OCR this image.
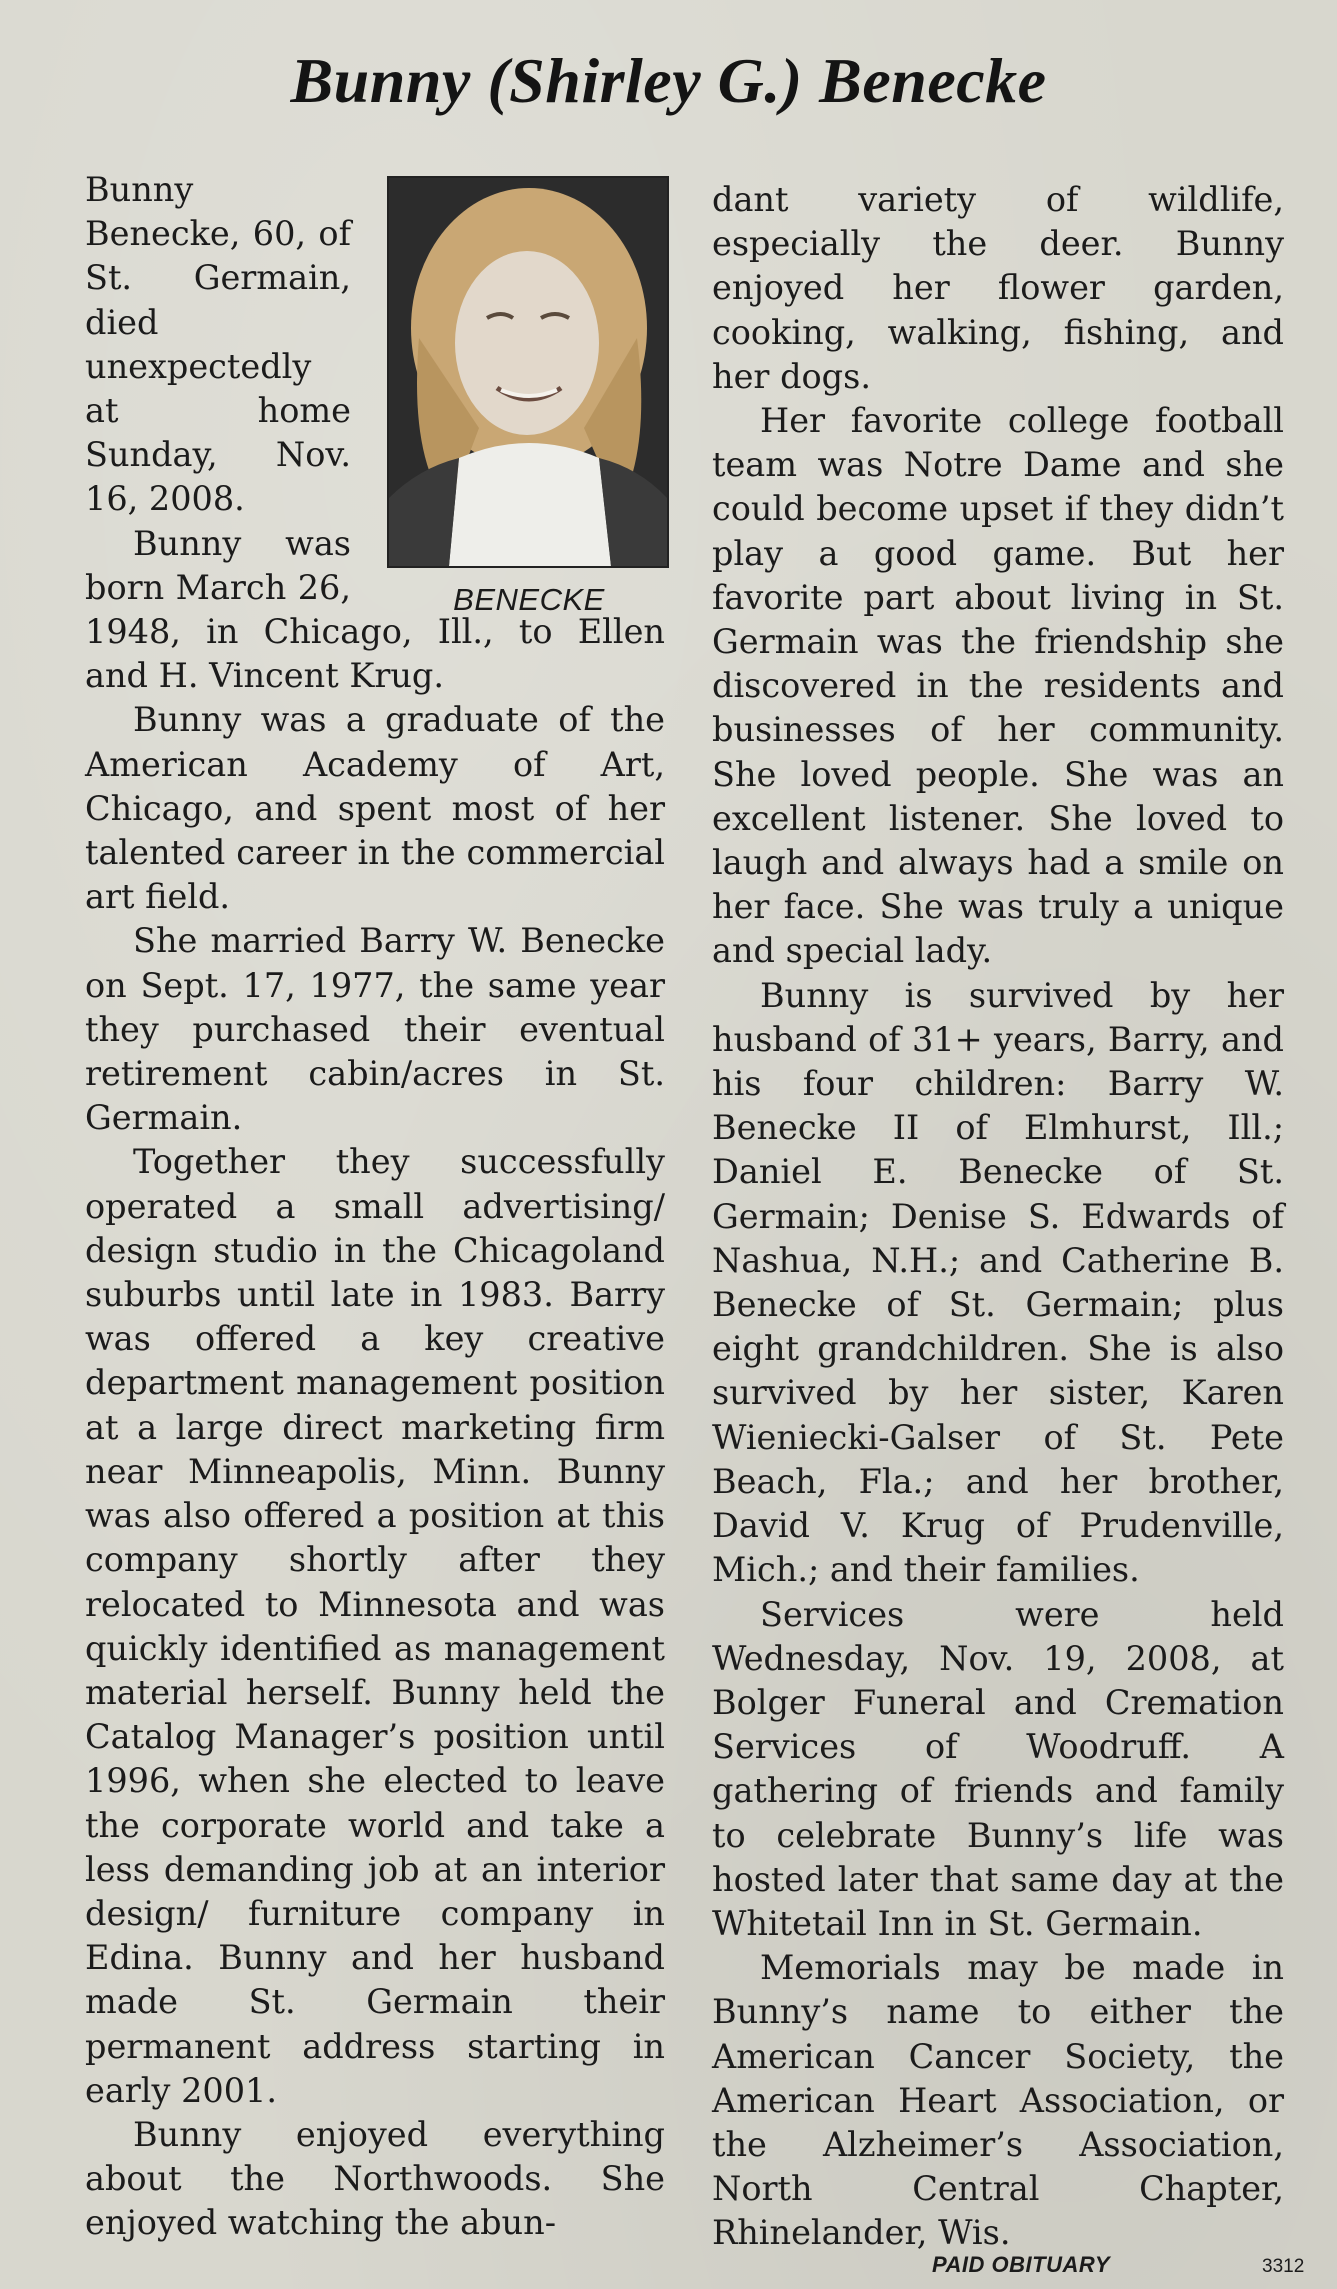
Bunny (Shirley G.) Benecke
BENECKE

Bunny Benecke, 60, of St. Germain, died unexpectedly at home Sunday, Nov. 16, 2008.

Bunny was born March 26, 1948, in Chicago, Ill., to Ellen and H. Vincent Krug.

Bunny was a graduate of the American Academy of Art, Chicago, and spent most of her talented career in the commercial art field.

She married Barry W. Benecke on Sept. 17, 1977, the same year they purchased their eventual retirement cabin/acres in St. Germain.

Together they successfully operated a small advertising/ design studio in the Chicagoland suburbs until late in 1983. Barry was offered a key creative department management position at a large direct marketing firm near Minneapolis, Minn. Bunny was also offered a position at this company shortly after they relocated to Minnesota and was quickly identified as management material herself. Bunny held the Catalog Manager’s position until 1996, when she elected to leave the corporate world and take a less demanding job at an interior design/ furniture company in Edina. Bunny and her husband made St. Germain their permanent address starting in early 2001.

Bunny enjoyed everything about the Northwoods. She enjoyed watching the abun-

dant variety of wildlife, especially the deer. Bunny enjoyed her flower garden, cooking, walking, fishing, and her dogs.

Her favorite college football team was Notre Dame and she could become upset if they didn’t play a good game. But her favorite part about living in St. Germain was the friendship she discovered in the residents and businesses of her community. She loved people. She was an excellent listener. She loved to laugh and always had a smile on her face. She was truly a unique and special lady.

Bunny is survived by her husband of 31+ years, Barry, and his four children: Barry W. Benecke II of Elmhurst, Ill.; Daniel E. Benecke of St. Germain; Denise S. Edwards of Nashua, N.H.; and Catherine B. Benecke of St. Germain; plus eight grandchildren. She is also survived by her sister, Karen Wieniecki-Galser of St. Pete Beach, Fla.; and her brother, David V. Krug of Prudenville, Mich.; and their families.

Services were held Wednesday, Nov. 19, 2008, at Bolger Funeral and Cremation Services of Woodruff. A gathering of friends and family to celebrate Bunny’s life was hosted later that same day at the Whitetail Inn in St. Germain.

Memorials may be made in Bunny’s name to either the American Cancer Society, the American Heart Association, or the Alzheimer’s Association, North Central Chapter, Rhinelander, Wis.

PAID OBITUARY	3312
